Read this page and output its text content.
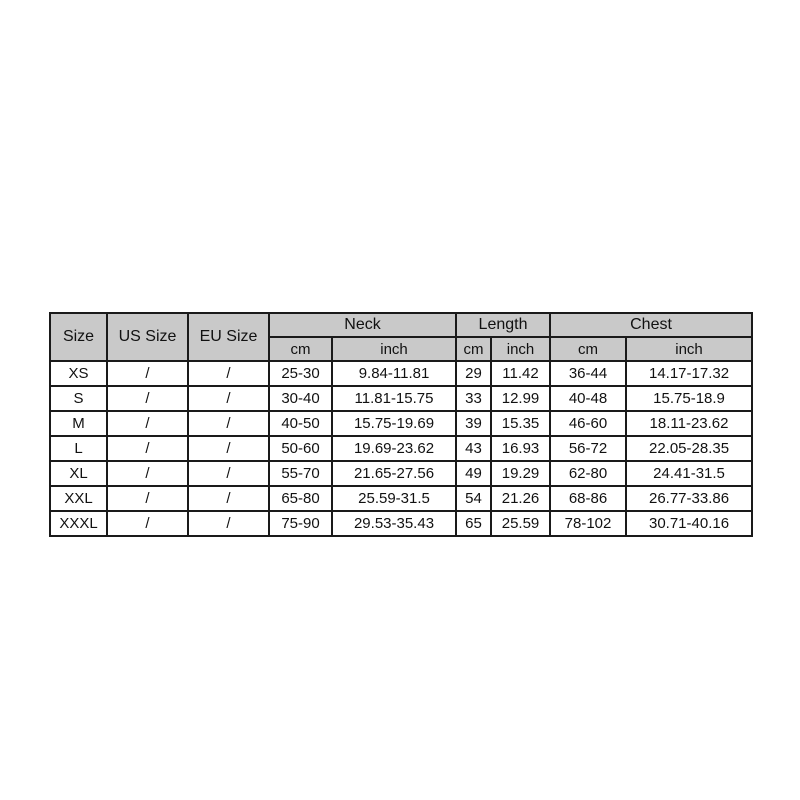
Size	US Size	EU Size	Neck		Length		Chest	
			cm	inch	cm	inch	cm	inch
XS	/	/	25-30	9.84-11.81	29	11.42	36-44	14.17-17.32
S	/	/	30-40	11.81-15.75	33	12.99	40-48	15.75-18.9
M	/	/	40-50	15.75-19.69	39	15.35	46-60	18.11-23.62
L	/	/	50-60	19.69-23.62	43	16.93	56-72	22.05-28.35
XL	/	/	55-70	21.65-27.56	49	19.29	62-80	24.41-31.5
XXL	/	/	65-80	25.59-31.5	54	21.26	68-86	26.77-33.86
XXXL	/	/	75-90	29.53-35.43	65	25.59	78-102	30.71-40.16
